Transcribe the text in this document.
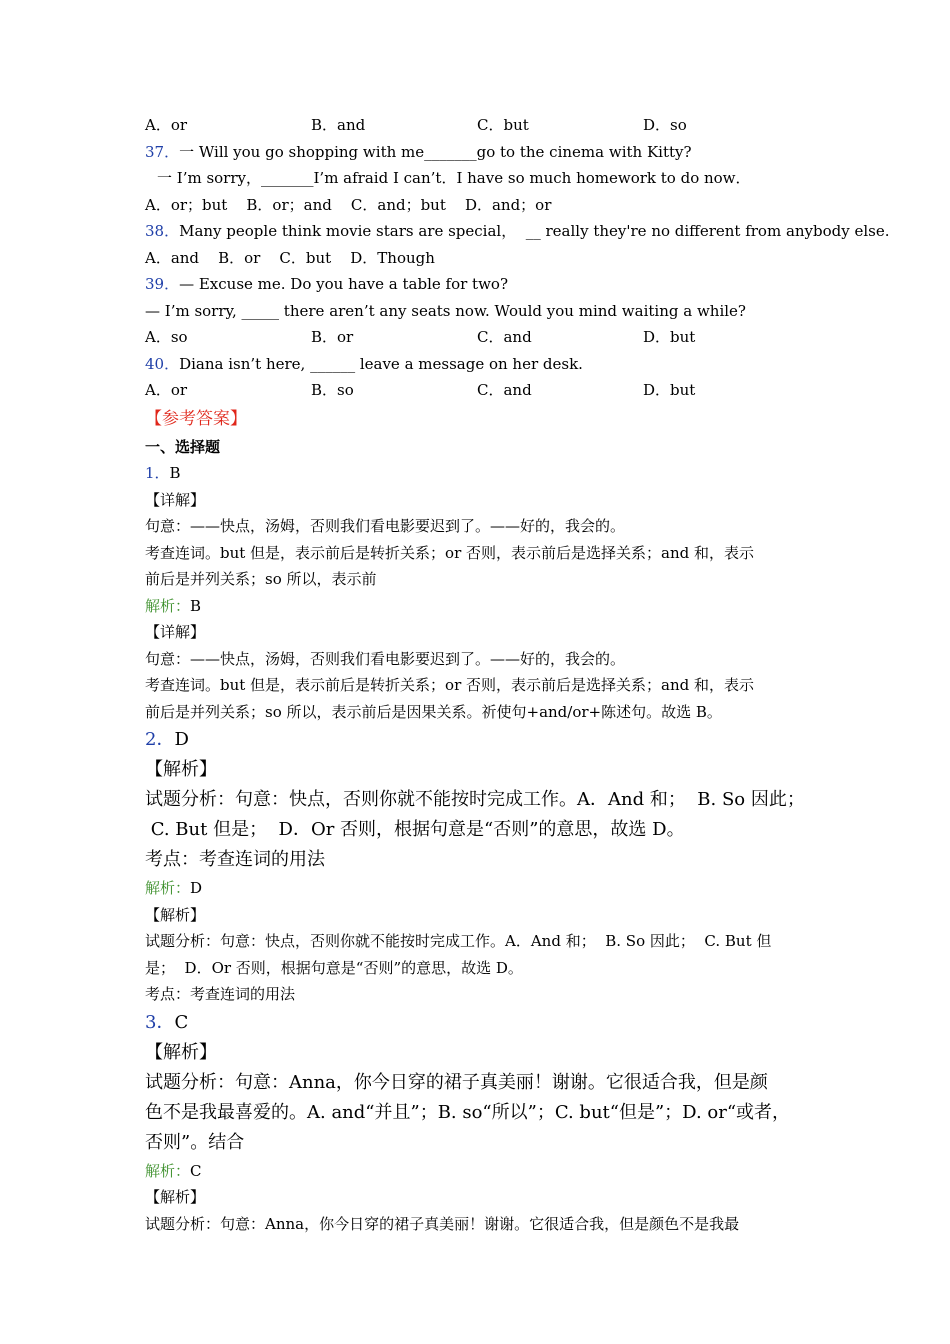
A．or	B．and	C．but	D．so
37．一 Will you go shopping with me_______go to the cinema with Kitty?
一 I’m sorry，_______I’m afraid I can’t．I have so much homework to do now．
A．or；but    B．or；and    C．and；but    D．and；or
38．Many people think movie stars are special，  __ really they're no different from anybody else.
A．and    B．or    C．but    D．Though
39．— Excuse me. Do you have a table for two?
— I’m sorry, _____ there aren’t any seats now. Would you mind waiting a while?
A．so	B．or	C．and	D．but
40．Diana isn’t here, ______ leave a message on her desk.
A．or	B．so	C．and	D．but
【参考答案】
一、选择题
1．B
【详解】
句意：——快点，汤姆，否则我们看电影要迟到了。——好的，我会的。
考查连词。but 但是，表示前后是转折关系；or 否则，表示前后是选择关系；and 和，表示
前后是并列关系；so 所以，表示前
解析：B
【详解】
句意：——快点，汤姆，否则我们看电影要迟到了。——好的，我会的。
考查连词。but 但是，表示前后是转折关系；or 否则，表示前后是选择关系；and 和，表示
前后是并列关系；so 所以，表示前后是因果关系。祈使句+and/or+陈述句。故选 B。
2．D
【解析】
试题分析：句意：快点，否则你就不能按时完成工作。A．And 和；  B. So 因此；
C. But 但是；  D．Or 否则，根据句意是“否则”的意思，故选 D。
考点：考查连词的用法
解析：D
【解析】
试题分析：句意：快点，否则你就不能按时完成工作。A．And 和；  B. So 因此；  C. But 但
是；  D．Or 否则，根据句意是“否则”的意思，故选 D。
考点：考查连词的用法
3．C
【解析】
试题分析：句意：Anna，你今日穿的裙子真美丽！谢谢。它很适合我，但是颜
色不是我最喜爱的。A. and“并且”；B. so“所以”；C. but“但是”；D. or“或者，
否则”。结合
解析：C
【解析】
试题分析：句意：Anna，你今日穿的裙子真美丽！谢谢。它很适合我，但是颜色不是我最
